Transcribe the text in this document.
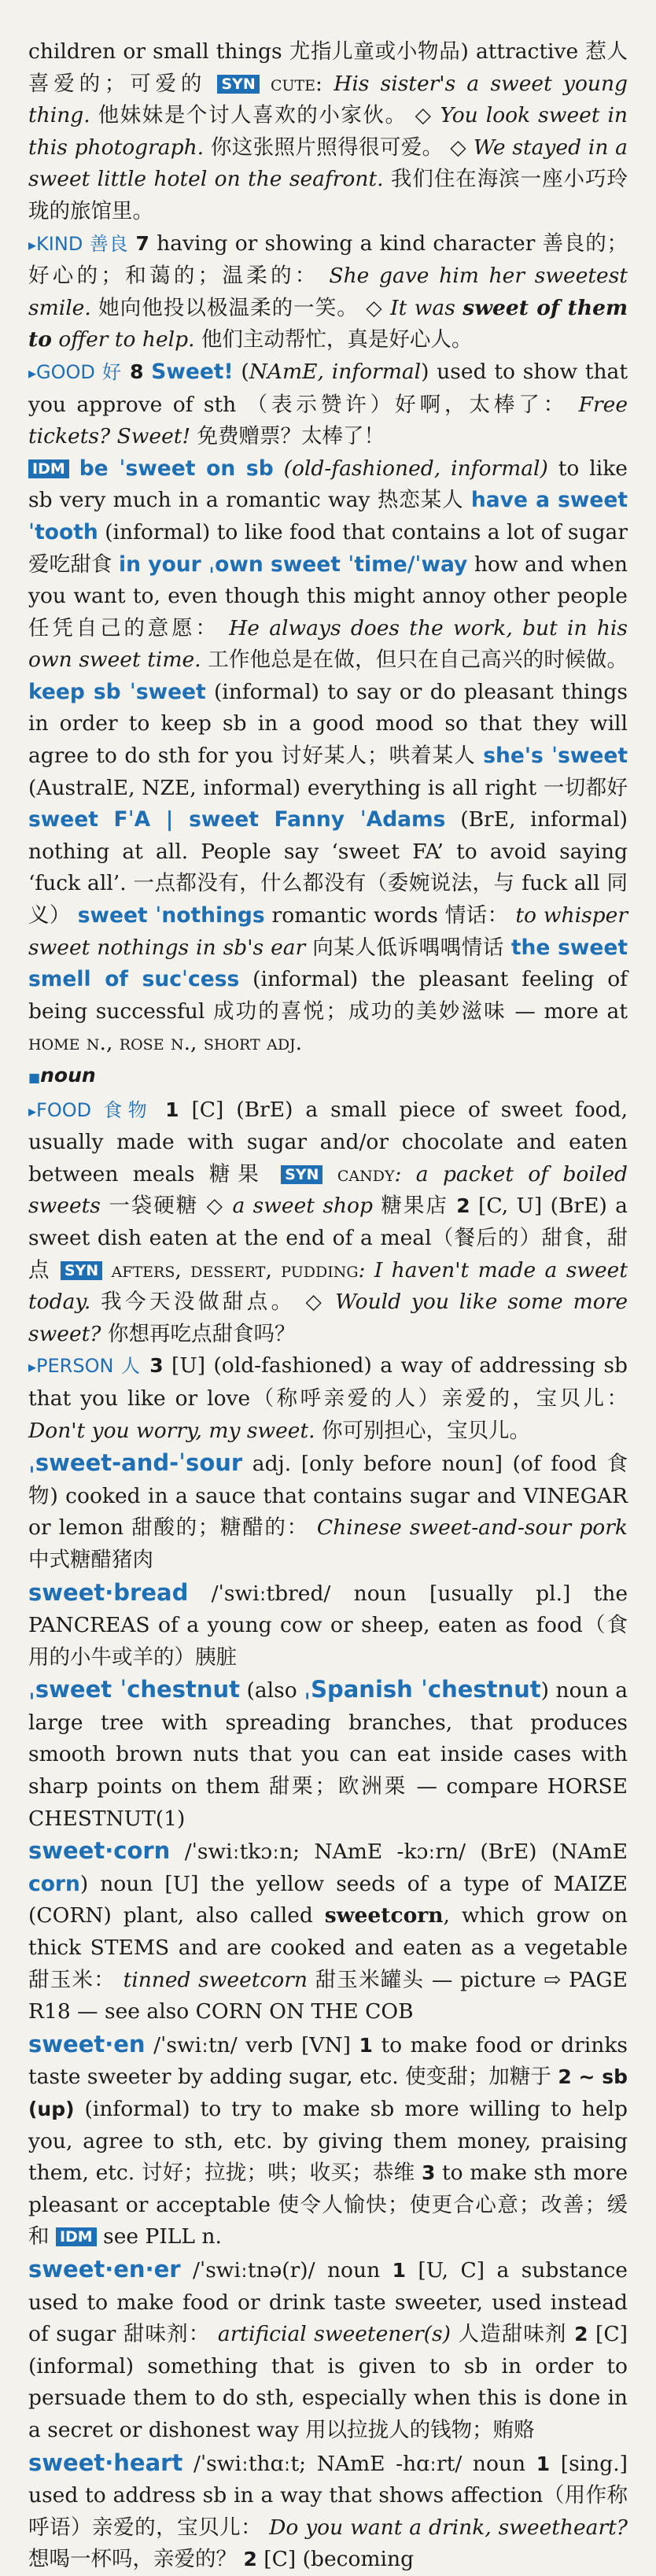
children or small things 尤指儿童或小物品) attractive 惹人喜爱的；可爱的 SYN cute: His sister's a sweet young thing. 他妹妹是个讨人喜欢的小家伙。 ◇ You look sweet in this photograph. 你这张照片照得很可爱。 ◇ We stayed in a sweet little hotel on the seafront. 我们住在海滨一座小巧玲珑的旅馆里。

▸KIND 善良 7 having or showing a kind character 善良的；好心的；和蔼的；温柔的： She gave him her sweetest smile. 她向他投以极温柔的一笑。 ◇ It was sweet of them to offer to help. 他们主动帮忙，真是好心人。

▸GOOD 好 8 Sweet! (NAmE, informal) used to show that you approve of sth （表示赞许）好啊，太棒了： Free tickets? Sweet! 免费赠票？太棒了！

IDM be ˈsweet on sb (old-fashioned, informal) to like sb very much in a romantic way 热恋某人 have a sweet ˈtooth (informal) to like food that contains a lot of sugar 爱吃甜食 in your ˌown sweet ˈtime/ˈway how and when you want to, even though this might annoy other people 任凭自己的意愿： He always does the work, but in his own sweet time. 工作他总是在做，但只在自己高兴的时候做。 keep sb ˈsweet (informal) to say or do pleasant things in order to keep sb in a good mood so that they will agree to do sth for you 讨好某人；哄着某人 she's ˈsweet (AustralE, NZE, informal) everything is all right 一切都好 sweet FˈA | sweet Fanny ˈAdams (BrE, informal) nothing at all. People say ‘sweet FA’ to avoid saying ‘fuck all’. 一点都没有，什么都没有（委婉说法，与 fuck all 同义） sweet ˈnothings romantic words 情话： to whisper sweet nothings in sb's ear 向某人低诉喁喁情话 the sweet smell of sucˈcess (informal) the pleasant feeling of being successful 成功的喜悦；成功的美妙滋味 — more at home n., rose n., short adj.

■noun

▸FOOD 食物 1 [C] (BrE) a small piece of sweet food, usually made with sugar and/or chocolate and eaten between meals 糖果 SYN candy: a packet of boiled sweets 一袋硬糖 ◇ a sweet shop 糖果店 2 [C, U] (BrE) a sweet dish eaten at the end of a meal（餐后的）甜食，甜点 SYN afters, dessert, pudding: I haven't made a sweet today. 我今天没做甜点。 ◇ Would you like some more sweet? 你想再吃点甜食吗？

▸PERSON 人 3 [U] (old-fashioned) a way of addressing sb that you like or love（称呼亲爱的人）亲爱的，宝贝儿： Don't you worry, my sweet. 你可别担心，宝贝儿。

ˌsweet-and-ˈsour adj. [only before noun] (of food 食物) cooked in a sauce that contains sugar and VINEGAR or lemon 甜酸的；糖醋的： Chinese sweet-and-sour pork 中式糖醋猪肉

sweet·bread /ˈswiːtbred/ noun [usually pl.] the PANCREAS of a young cow or sheep, eaten as food（食用的小牛或羊的）胰脏

ˌsweet ˈchestnut (also ˌSpanish ˈchestnut) noun a large tree with spreading branches, that produces smooth brown nuts that you can eat inside cases with sharp points on them 甜栗；欧洲栗 — compare HORSE CHESTNUT(1)

sweet·corn /ˈswiːtkɔːn; NAmE -kɔːrn/ (BrE) (NAmE corn) noun [U] the yellow seeds of a type of MAIZE (CORN) plant, also called sweetcorn, which grow on thick STEMS and are cooked and eaten as a vegetable 甜玉米： tinned sweetcorn 甜玉米罐头 — picture ⇨ PAGE R18 — see also CORN ON THE COB

sweet·en /ˈswiːtn/ verb [VN] 1 to make food or drinks taste sweeter by adding sugar, etc. 使变甜；加糖于 2 ~ sb (up) (informal) to try to make sb more willing to help you, agree to sth, etc. by giving them money, praising them, etc. 讨好；拉拢；哄；收买；恭维 3 to make sth more pleasant or acceptable 使令人愉快；使更合心意；改善；缓和 IDM see PILL n.

sweet·en·er /ˈswiːtnə(r)/ noun 1 [U, C] a substance used to make food or drink taste sweeter, used instead of sugar 甜味剂： artificial sweetener(s) 人造甜味剂 2 [C] (informal) something that is given to sb in order to persuade them to do sth, especially when this is done in a secret or dishonest way 用以拉拢人的钱物；贿赂

sweet·heart /ˈswiːthɑːt; NAmE -hɑːrt/ noun 1 [sing.] used to address sb in a way that shows affection（用作称呼语）亲爱的，宝贝儿： Do you want a drink, sweetheart? 想喝一杯吗，亲爱的？ 2 [C] (becoming
